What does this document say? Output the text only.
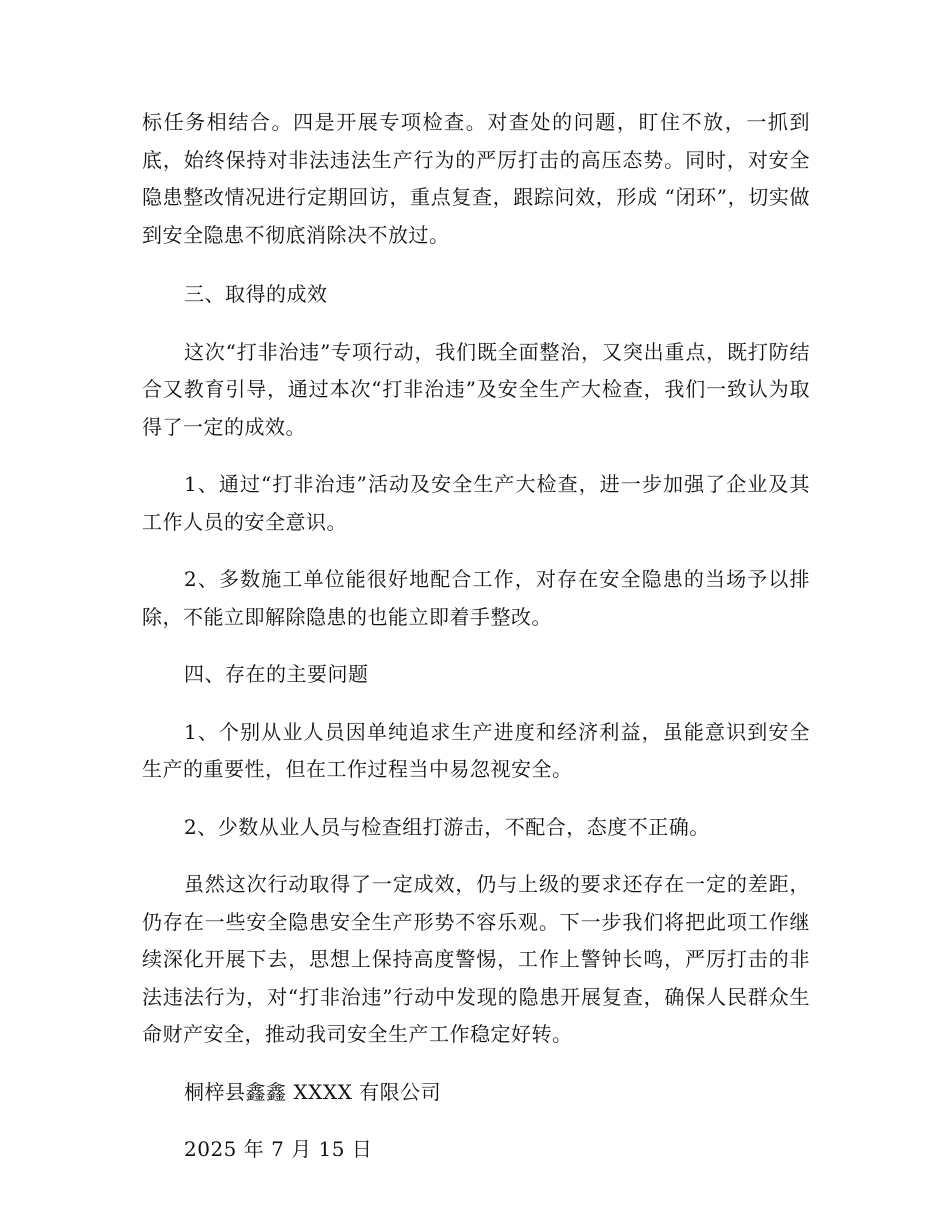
标任务相结合。四是开展专项检查。对查处的问题，盯住不放，一抓到底，始终保持对非法违法生产行为的严厉打击的高压态势。同时，对安全隐患整改情况进行定期回访，重点复查，跟踪问效，形成 “闭环”，切实做到安全隐患不彻底消除决不放过。

三、取得的成效

这次“打非治违”专项行动，我们既全面整治，又突出重点，既打防结合又教育引导，通过本次“打非治违”及安全生产大检查，我们一致认为取得了一定的成效。

1、通过“打非治违”活动及安全生产大检查，进一步加强了企业及其工作人员的安全意识。

2、多数施工单位能很好地配合工作，对存在安全隐患的当场予以排除，不能立即解除隐患的也能立即着手整改。

四、存在的主要问题

1、个别从业人员因单纯追求生产进度和经济利益，虽能意识到安全生产的重要性，但在工作过程当中易忽视安全。

2、少数从业人员与检查组打游击，不配合，态度不正确。

虽然这次行动取得了一定成效，仍与上级的要求还存在一定的差距，仍存在一些安全隐患安全生产形势不容乐观。下一步我们将把此项工作继续深化开展下去，思想上保持高度警惕，工作上警钟长鸣，严厉打击的非法违法行为，对“打非治违”行动中发现的隐患开展复查，确保人民群众生命财产安全，推动我司安全生产工作稳定好转。

桐梓县鑫鑫 XXXX 有限公司

2025 年 7 月 15 日
